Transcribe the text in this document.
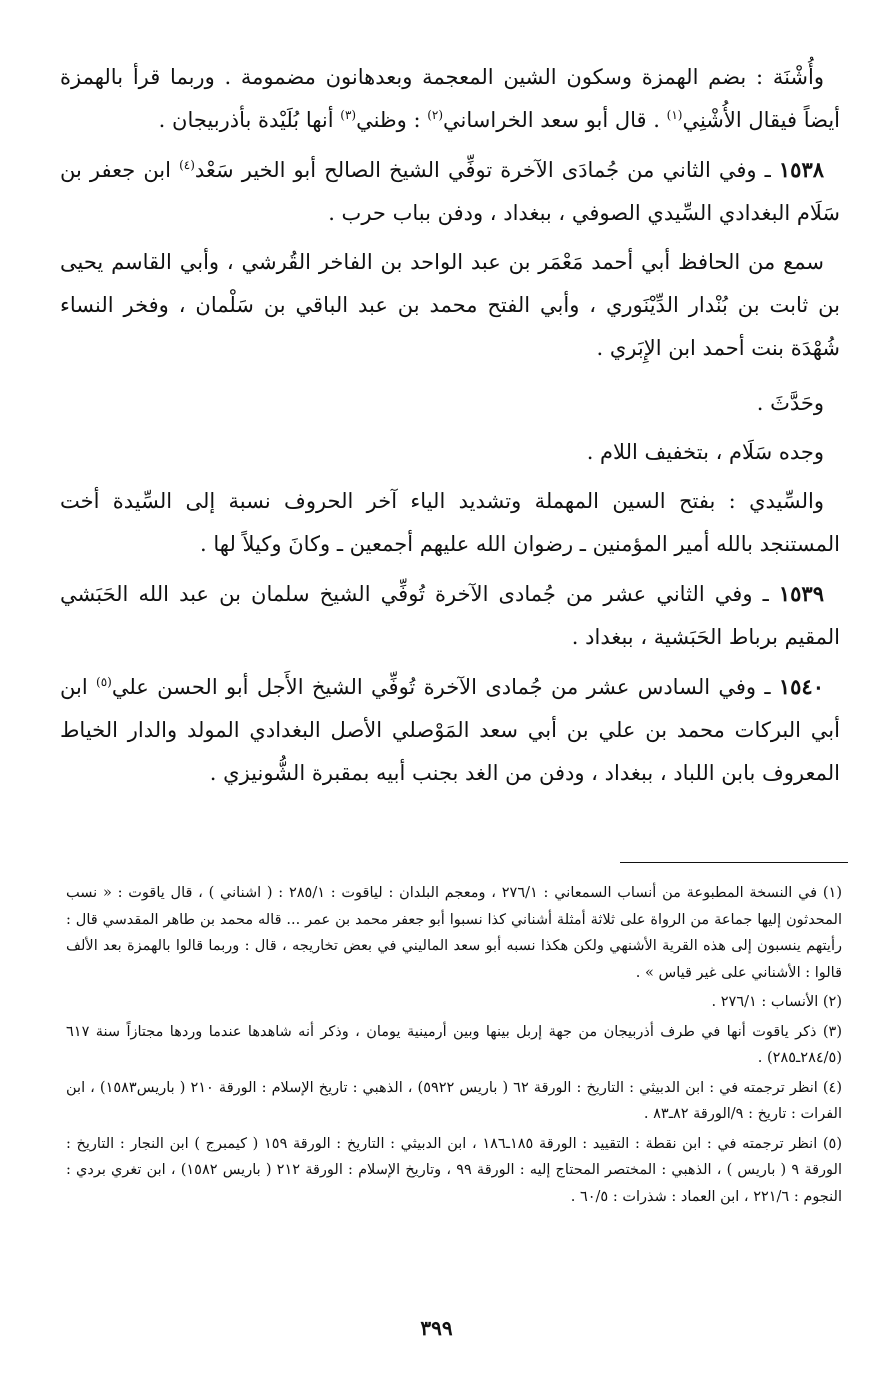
وأُشْنَة : بضم الهمزة وسكون الشين المعجمة وبعدهانون مضمومة . وربما قرأ بالهمزة أيضاً فيقال الأُشْنِي$^{(١)}$ . قال أبو سعد الخراساني$^{(٢)}$ : وظني$^{(٣)}$ أنها بُلَيْدة بأذربيجان .

١٥٣٨ ـ وفي الثاني من جُمادَى الآخرة توفِّي الشيخ الصالح أبو الخير سَعْد$^{(٤)}$ ابن جعفر بن سَلَام البغدادي السِّيدي الصوفي ، ببغداد ، ودفن بباب حرب .

سمع من الحافظ أبي أحمد مَعْمَر بن عبد الواحد بن الفاخر القُرشي ، وأبي القاسم يحيى بن ثابت بن بُنْدار الدِّيْنَوري ، وأبي الفتح محمد بن عبد الباقي بن سَلْمان ، وفخر النساء شُهْدَة بنت أحمد ابن الإِبَري .

وحَدَّثَ .

وجده سَلَام ، بتخفيف اللام .

والسِّيدي : بفتح السين المهملة وتشديد الياء آخر الحروف نسبة إلى السِّيدة أخت المستنجد بالله أمير المؤمنين ـ رضوان الله عليهم أجمعين ـ وكانَ وكيلاً لها .

١٥٣٩ ـ وفي الثاني عشر من جُمادى الآخرة تُوفِّي الشيخ سلمان بن عبد الله الحَبَشي المقيم برباط الحَبَشية ، ببغداد .

١٥٤٠ ـ وفي السادس عشر من جُمادى الآخرة تُوفِّي الشيخ الأَجل أبو الحسن علي$^{(٥)}$ ابن أبي البركات محمد بن علي بن أبي سعد المَوْصلي الأصل البغدادي المولد والدار الخياط المعروف بابن اللباد ، ببغداد ، ودفن من الغد بجنب أبيه بمقبرة الشُّونيزي .

(١) في النسخة المطبوعة من أنساب السمعاني : ٢٧٦/١ ، ومعجم البلدان : لياقوت : ٢٨٥/١ : ( اشناني ) ، قال ياقوت : « نسب المحدثون إليها جماعة من الرواة على ثلاثة أمثلة أشناني كذا نسبوا أبو جعفر محمد بن عمر ... قاله محمد بن طاهر المقدسي قال : رأيتهم ينسبون إلى هذه القرية الأشنهي ولكن هكذا نسبه أبو سعد الماليني في بعض تخاريجه ، قال : وربما قالوا بالهمزة بعد الألف قالوا : الأشناني على غير قياس » .

(٢) الأنساب : ٢٧٦/١ .

(٣) ذكر ياقوت أنها في طرف أذربيجان من جهة إربل بينها وبين أرمينية يومان ، وذكر أنه شاهدها عندما وردها مجتازاً سنة ٦١٧ (٢٨٤/٥ـ٢٨٥) .

(٤) انظر ترجمته في : ابن الدبيثي : التاريخ : الورقة ٦٢ ( باريس ٥٩٢٢) ، الذهبي : تاريخ الإسلام : الورقة ٢١٠ ( باريس١٥٨٣) ، ابن الفرات : تاريخ : ٩/الورقة ٨٢ـ٨٣ .

(٥) انظر ترجمته في : ابن نقطة : التقييد : الورقة ١٨٥ـ١٨٦ ، ابن الدبيثي : التاريخ : الورقة ١٥٩ ( كيمبرج ) ابن النجار : التاريخ : الورقة ٩ ( باريس ) ، الذهبي : المختصر المحتاج إليه : الورقة ٩٩ ، وتاريخ الإسلام : الورقة ٢١٢ ( باريس ١٥٨٢) ، ابن تغري بردي : النجوم : ٢٢١/٦ ، ابن العماد : شذرات : ٦٠/٥ .

٣٩٩
